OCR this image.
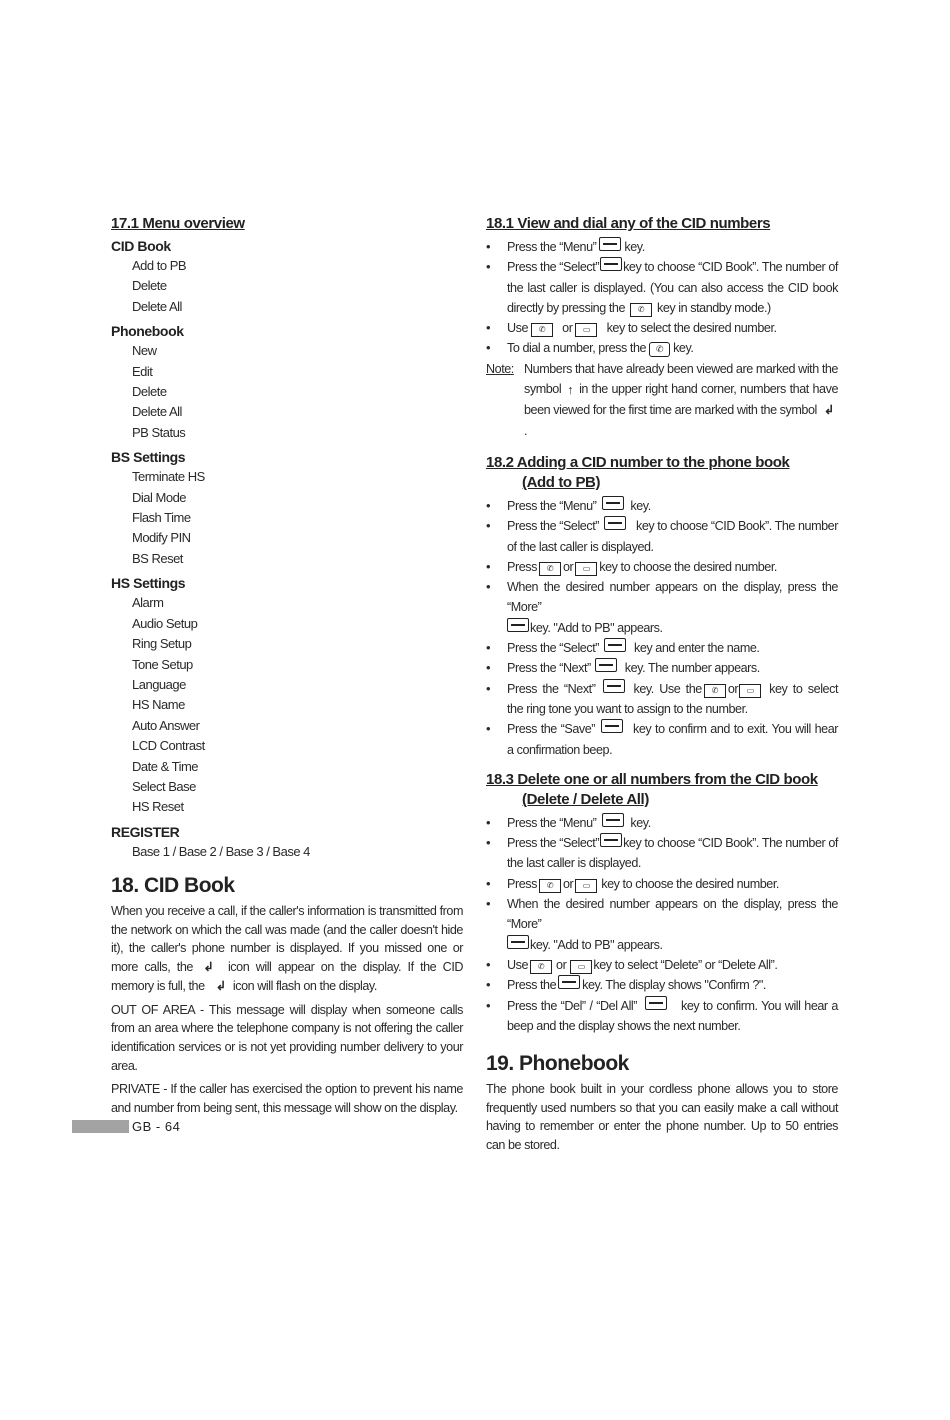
17.1 Menu overview
CID Book
Add to PB
Delete
Delete All
Phonebook
New
Edit
Delete
Delete All
PB Status
BS Settings
Terminate HS
Dial Mode
Flash Time
Modify PIN
BS Reset
HS Settings
Alarm
Audio Setup
Ring Setup
Tone Setup
Language
HS Name
Auto Answer
LCD Contrast
Date & Time
Select Base
HS Reset
REGISTER
Base 1 / Base 2 / Base 3 / Base 4
18. CID Book

When you receive a call, if the caller's information is transmitted from the network on which the call was made (and the caller doesn't hide it), the caller's phone number is displayed. If you missed one or more calls, the ↲ icon will appear on the display. If the CID memory is full, the ↲ icon will flash on the display.

OUT OF AREA - This message will display when someone calls from an area where the telephone company is not offering the caller identification services or is not yet providing number delivery to your area.

PRIVATE - If the caller has exercised the option to prevent his name and number from being sent, this message will show on the display.

18.1 View and dial any of the CID numbers
• Press the “Menu” key.
• Press the “Select” key to choose “CID Book”. The number of the last caller is displayed. (You can also access the CID book directly by pressing the ✆ key in standby mode.)
• Use ✆ or ▭ key to select the desired number.
• To dial a number, press the ✆ key.
Note: Numbers that have already been viewed are marked with the symbol ↑ in the upper right hand corner, numbers that have been viewed for the first time are marked with the symbol ↲.
18.2 Adding a CID number to the phone book
(Add to PB)
• Press the “Menu”	key.
• Press the “Select”	key to choose “CID Book”. The number of the last caller is displayed.
• Press ✆ or ▭ key to choose the desired number.
• When the desired number appears on the display, press the “More”
key. "Add to PB" appears.
• Press the “Select”	key and enter the name.
• Press the “Next”	key. The number appears.
• Press the “Next”	key. Use the ✆ or ▭ key to select the ring tone you want to assign to the number.
• Press the “Save”	key to confirm and to exit. You will hear a confirmation beep.
18.3 Delete one or all numbers from the CID book
(Delete / Delete All)
• Press the “Menu”	key.
• Press the “Select” key to choose “CID Book”. The number of the last caller is displayed.
• Press ✆ or ▭ key to choose the desired number.
• When the desired number appears on the display, press the “More”
key. "Add to PB" appears.
• Use ✆ or ▭ key to select “Delete” or “Delete All”.
• Press the key. The display shows "Confirm ?".
• Press the “Del” / “Del All”	key to confirm. You will hear a beep and the display shows the next number.
19. Phonebook

The phone book built in your cordless phone allows you to store frequently used numbers so that you can easily make a call without having to remember or enter the phone number. Up to 50 entries can be stored.

GB - 64
